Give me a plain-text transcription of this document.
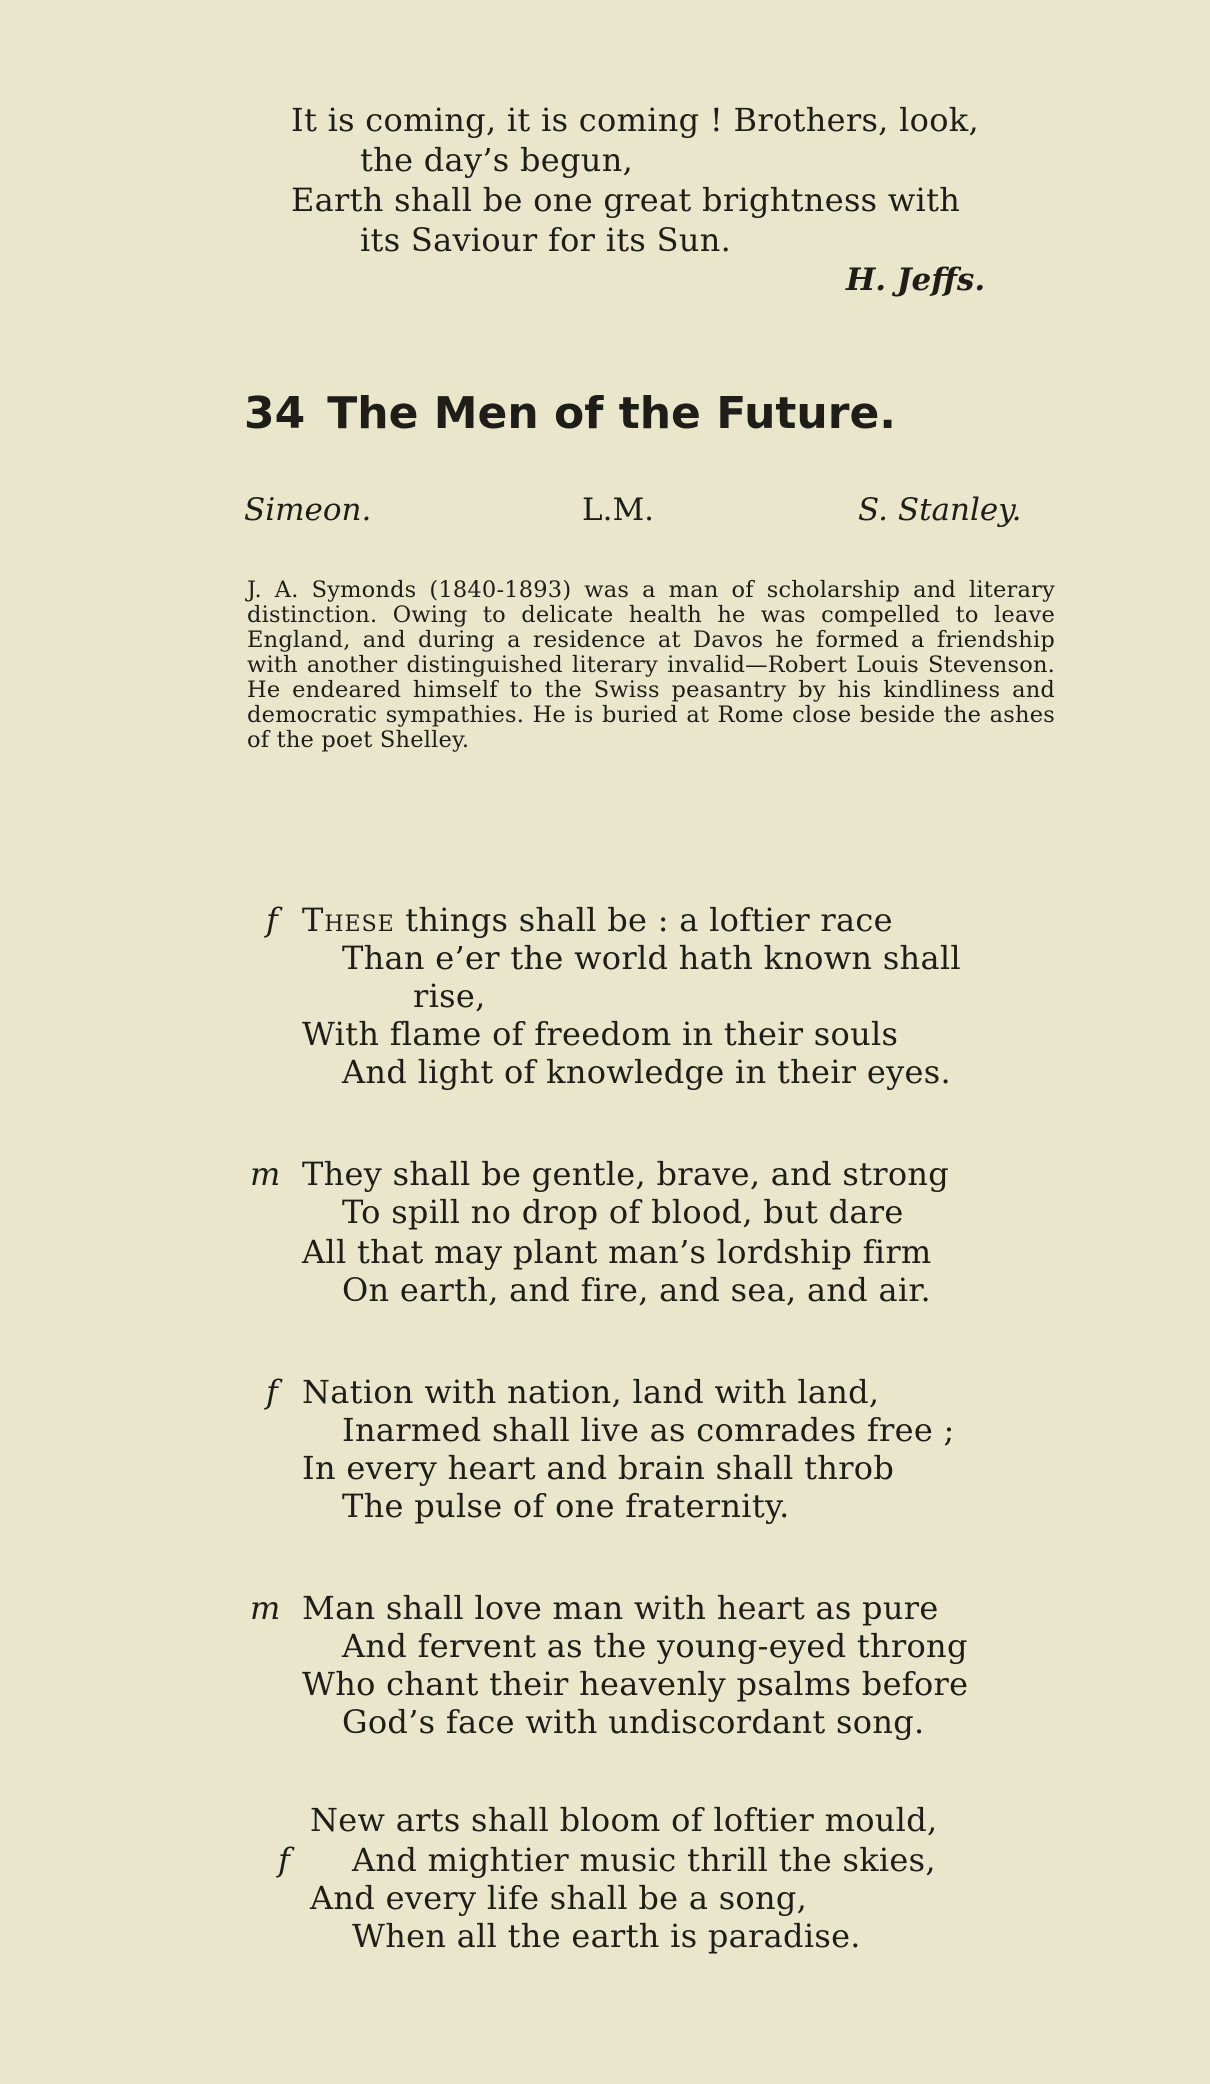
It is coming, it is coming ! Brothers, look,
the day’s begun,
Earth shall be one great brightness with
its Saviour for its Sun.
H. Jeffs.
34 The Men of the Future.
Simeon.	L.M.	S. Stanley.
J. A. Symonds (1840-1893) was a man of scholarship and literary distinction. Owing to delicate health he was compelled to leave England, and during a residence at Davos he formed a friendship with another distinguished literary invalid—Robert Louis Stevenson. He endeared himself to the Swiss peasantry by his kindliness and democratic sympathies. He is buried at Rome close beside the ashes of the poet Shelley.
f These things shall be : a loftier race
Than e’er the world hath known shall
rise,
With flame of freedom in their souls
And light of knowledge in their eyes.
m They shall be gentle, brave, and strong
To spill no drop of blood, but dare
All that may plant man’s lordship firm
On earth, and fire, and sea, and air.
f Nation with nation, land with land,
Inarmed shall live as comrades free ;
In every heart and brain shall throb
The pulse of one fraternity.
m Man shall love man with heart as pure
And fervent as the young-eyed throng
Who chant their heavenly psalms before
God’s face with undiscordant song.
New arts shall bloom of loftier mould,
f And mightier music thrill the skies,
And every life shall be a song,
When all the earth is paradise.
